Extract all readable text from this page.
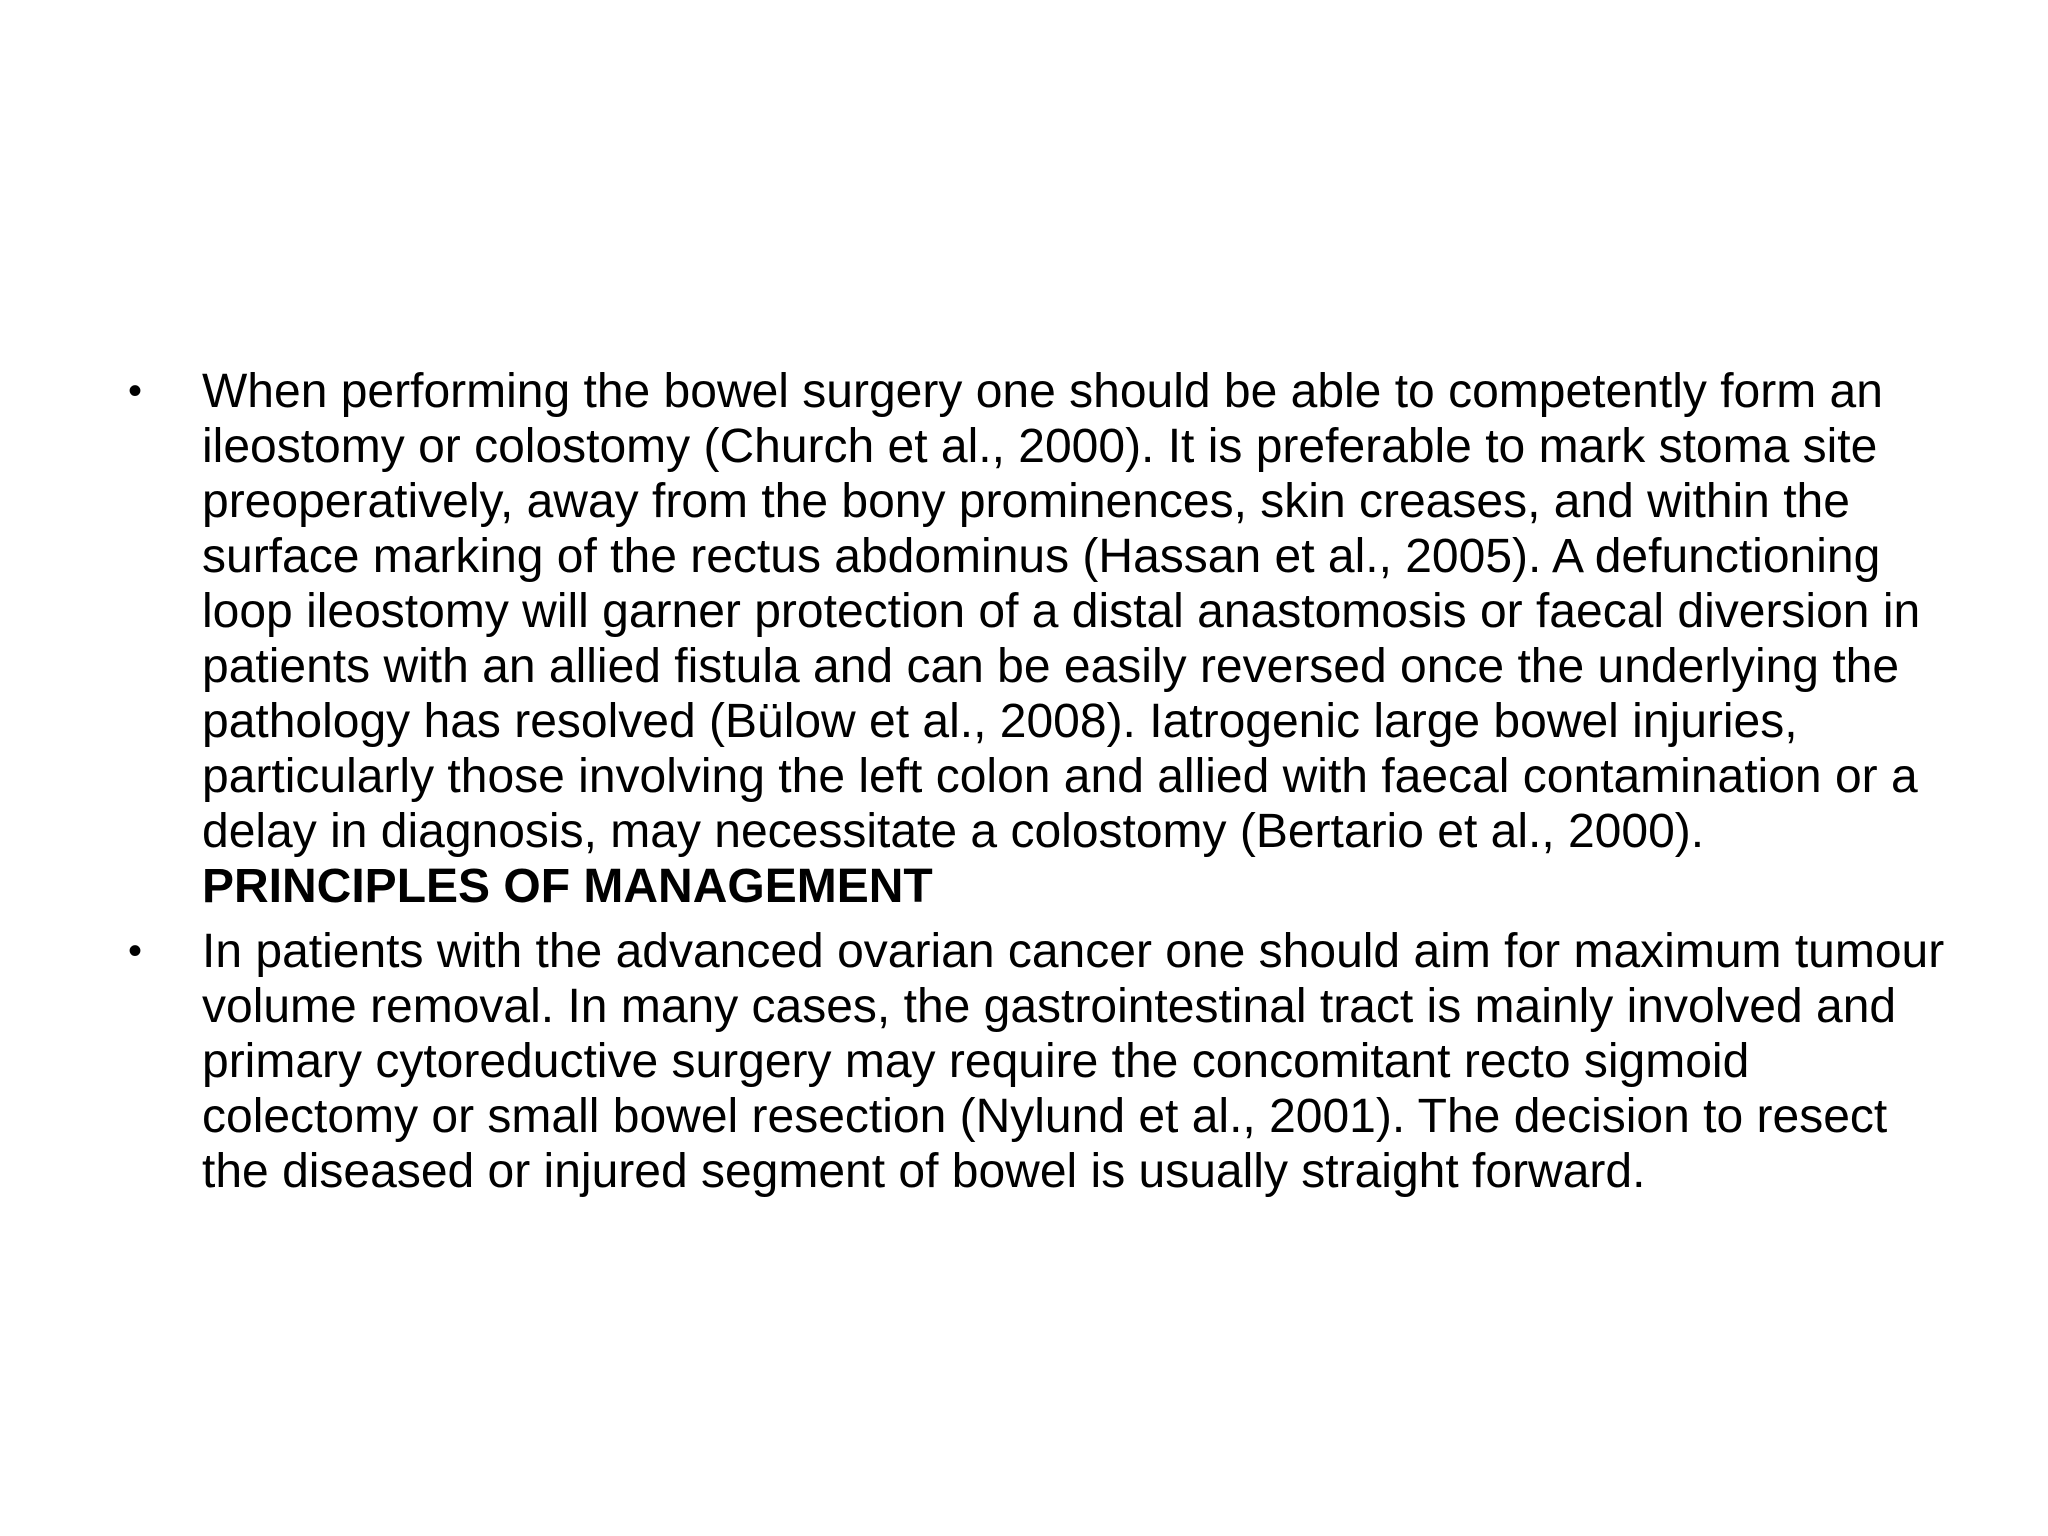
• When performing the bowel surgery one should be able to competently form an ileostomy or colostomy (Church et al., 2000). It is preferable to mark stoma site preoperatively, away from the bony prominences, skin creases, and within the surface marking of the rectus abdominus (Hassan et al., 2005). A defunctioning loop ileostomy will garner protection of a distal anastomosis or faecal diversion in patients with an allied fistula and can be easily reversed once the underlying the pathology has resolved (Bülow et al., 2008). Iatrogenic large bowel injuries, particularly those involving the left colon and allied with faecal contamination or a delay in diagnosis, may necessitate a colostomy (Bertario et al., 2000). PRINCIPLES OF MANAGEMENT
• In patients with the advanced ovarian cancer one should aim for maximum tumour volume removal. In many cases, the gastrointestinal tract is mainly involved and primary cytoreductive surgery may require the concomitant recto sigmoid colectomy or small bowel resection (Nylund et al., 2001). The decision to resect the diseased or injured segment of bowel is usually straight forward.
